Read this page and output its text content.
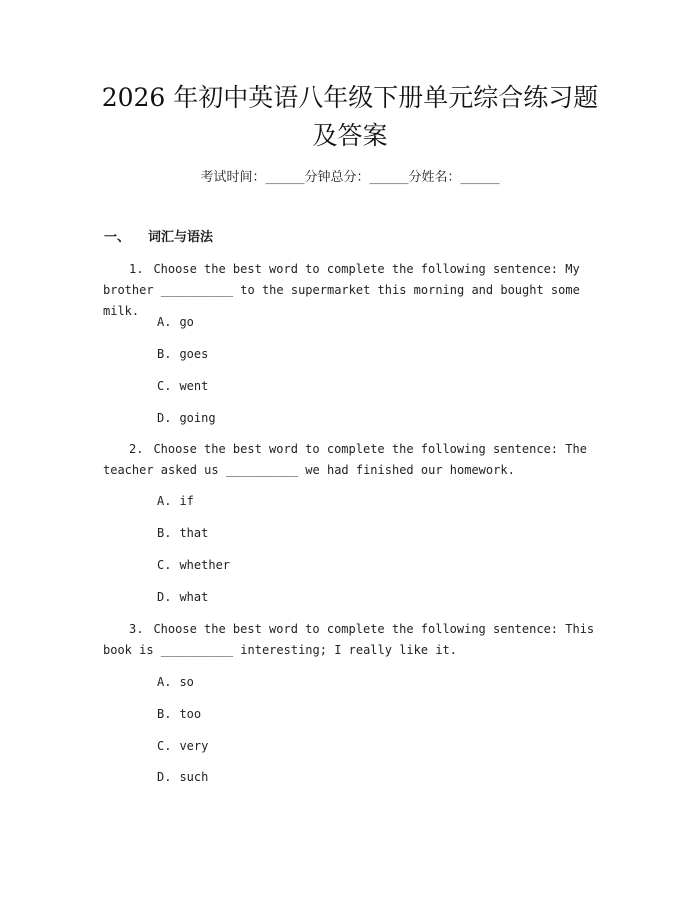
2026 年初中英语八年级下册单元综合练习题
及答案
考试时间：______分钟总分：______分姓名：______
一、 词汇与语法
1. Choose the best word to complete the following sentence: My
brother __________ to the supermarket this morning and bought some milk.
A. go
B. goes
C. went
D. going
2. Choose the best word to complete the following sentence: The
teacher asked us __________ we had finished our homework.
A. if
B. that
C. whether
D. what
3. Choose the best word to complete the following sentence: This
book is __________ interesting; I really like it.
A. so
B. too
C. very
D. such
